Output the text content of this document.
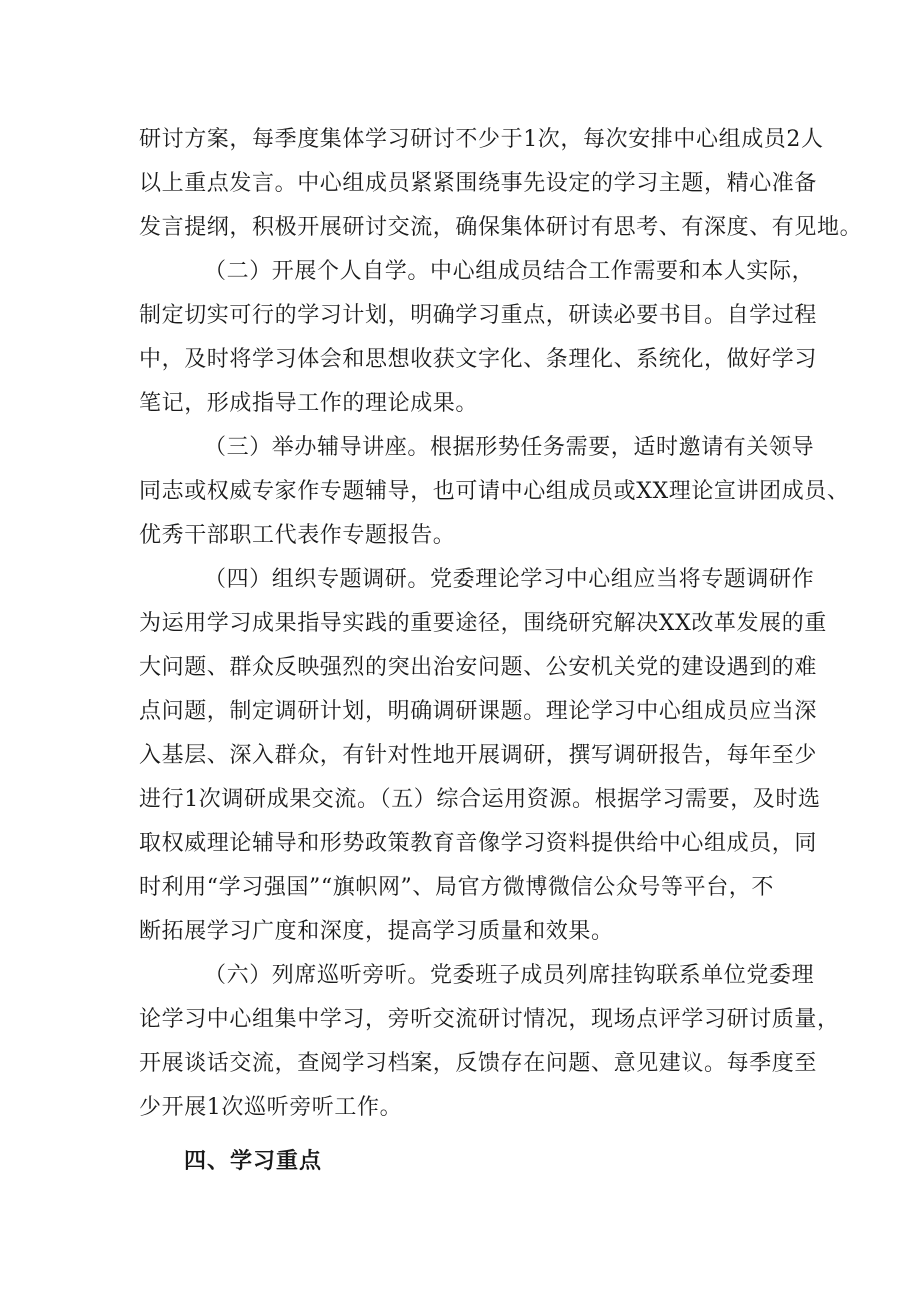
研讨方案，每季度集体学习研讨不少于1次，每次安排中心组成员2人
以上重点发言。中心组成员紧紧围绕事先设定的学习主题，精心准备
发言提纲，积极开展研讨交流，确保集体研讨有思考、有深度、有见地。
（二）开展个人自学。中心组成员结合工作需要和本人实际，
制定切实可行的学习计划，明确学习重点，研读必要书目。自学过程
中，及时将学习体会和思想收获文字化、条理化、系统化，做好学习
笔记，形成指导工作的理论成果。
（三）举办辅导讲座。根据形势任务需要，适时邀请有关领导
同志或权威专家作专题辅导，也可请中心组成员或XX理论宣讲团成员、
优秀干部职工代表作专题报告。
（四）组织专题调研。党委理论学习中心组应当将专题调研作
为运用学习成果指导实践的重要途径，围绕研究解决XX改革发展的重
大问题、群众反映强烈的突出治安问题、公安机关党的建设遇到的难
点问题，制定调研计划，明确调研课题。理论学习中心组成员应当深
入基层、深入群众，有针对性地开展调研，撰写调研报告，每年至少
进行1次调研成果交流。（五）综合运用资源。根据学习需要，及时选
取权威理论辅导和形势政策教育音像学习资料提供给中心组成员，同
时利用“学习强国”“旗帜网”、局官方微博微信公众号等平台，不
断拓展学习广度和深度，提高学习质量和效果。
（六）列席巡听旁听。党委班子成员列席挂钩联系单位党委理
论学习中心组集中学习，旁听交流研讨情况，现场点评学习研讨质量，
开展谈话交流，查阅学习档案，反馈存在问题、意见建议。每季度至
少开展1次巡听旁听工作。
四、学习重点
